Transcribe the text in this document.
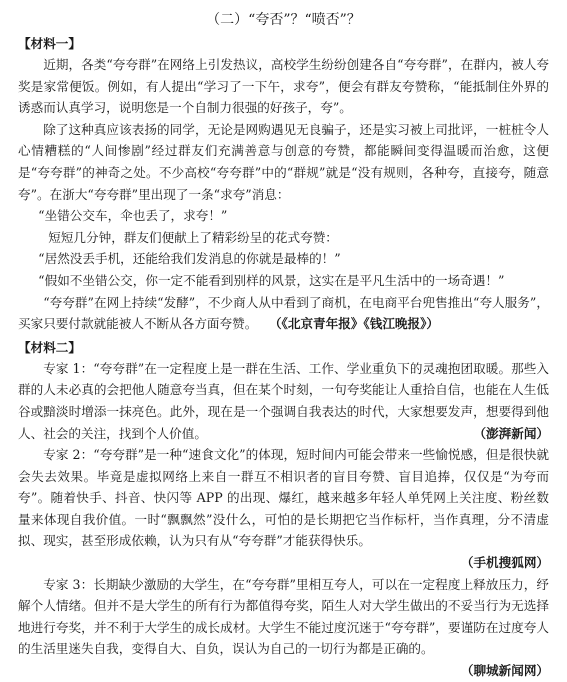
（二）“夸否”？“喷否”？
【材料一】

近期，各类“夸夸群”在网络上引发热议，高校学生纷纷创建各自“夸夸群”，在群内，被人夸奖是家常便饭。例如，有人提出“学习了一下午，求夸”，便会有群友夸赞称，“能抵制住外界的诱惑而认真学习，说明您是一个自制力很强的好孩子，夸”。

除了这种真应该表扬的同学，无论是网购遇见无良骗子，还是实习被上司批评，一桩桩令人心情糟糕的“人间惨剧”经过群友们充满善意与创意的夸赞，都能瞬间变得温暖而治愈，这便是“夸夸群”的神奇之处。不少高校“夸夸群”中的“群规”就是“没有规则，各种夸，直接夸，随意夸”。在浙大“夸夸群”里出现了一条“求夸”消息：

“坐错公交车，伞也丢了，求夸！”

短短几分钟，群友们便献上了精彩纷呈的花式夸赞：

“居然没丢手机，还能给我们发消息的你就是最棒的！”

“假如不坐错公交，你一定不能看到别样的风景，这实在是平凡生活中的一场奇遇！”

“夸夸群”在网上持续“发酵”，不少商人从中看到了商机，在电商平台兜售推出“夸人服务”，买家只要付款就能被人不断从各方面夸赞。 （《北京青年报》《钱江晚报》）

【材料二】

专家 1：“夸夸群”在一定程度上是一群在生活、工作、学业重负下的灵魂抱团取暖。那些入群的人未必真的会把他人随意夸当真，但在某个时刻，一句夸奖能让人重拾自信，也能在人生低谷或黯淡时增添一抹亮色。此外，现在是一个强调自我表达的时代，大家想要发声，想要得到他人、社会的关注，找到个人价值。	（澎湃新闻）

专家 2：“夸夸群”是一种“速食文化”的体现，短时间内可能会带来一些愉悦感，但是很快就会失去效果。毕竟是虚拟网络上来自一群互不相识者的盲目夸赞、盲目追捧，仅仅是“为夸而夸”。随着快手、抖音、快闪等 APP 的出现、爆红，越来越多年轻人单凭网上关注度、粉丝数量来体现自我价值。一时“飘飘然”没什么，可怕的是长期把它当作标杆，当作真理，分不清虚拟、现实，甚至形成依赖，认为只有从“夸夸群”才能获得快乐。

（手机搜狐网）

专家 3：长期缺少激励的大学生，在“夸夸群”里相互夸人，可以在一定程度上释放压力，纾解个人情绪。但并不是大学生的所有行为都值得夸奖，陌生人对大学生做出的不妥当行为无选择地进行夸奖，并不利于大学生的成长成材。大学生不能过度沉迷于“夸夸群”，要谨防在过度夸人的生活里迷失自我，变得自大、自负，误认为自己的一切行为都是正确的。

（聊城新闻网）
